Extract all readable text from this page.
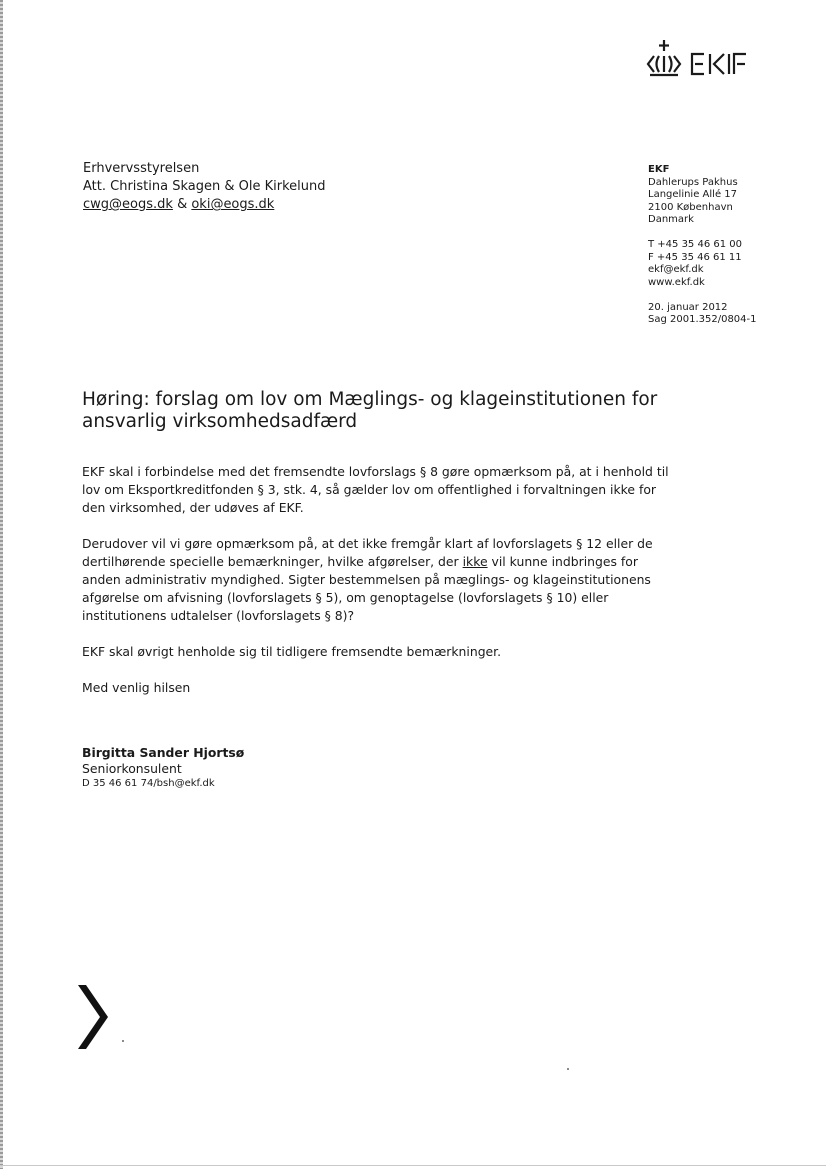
Erhvervsstyrelsen
Att. Christina Skagen & Ole Kirkelund
cwg@eogs.dk & oki@eogs.dk
EKF
Dahlerups Pakhus
Langelinie Allé 17
2100 København
Danmark

T +45 35 46 61 00
F +45 35 46 61 11
ekf@ekf.dk
www.ekf.dk

20. januar 2012
Sag 2001.352/0804-1
Høring: forslag om lov om Mæglings- og klageinstitutionen for
ansvarlig virksomhedsadfærd

EKF skal i forbindelse med det fremsendte lovforslags § 8 gøre opmærksom på, at i henhold til lov om Eksportkreditfonden § 3, stk. 4, så gælder lov om offentlighed i forvaltningen ikke for den virksomhed, der udøves af EKF.

Derudover vil vi gøre opmærksom på, at det ikke fremgår klart af lovforslagets § 12 eller de dertilhørende specielle bemærkninger, hvilke afgørelser, der ikke vil kunne indbringes for anden administrativ myndighed. Sigter bestemmelsen på mæglings- og klageinstitutionens afgørelse om afvisning (lovforslagets § 5), om genoptagelse (lovforslagets § 10) eller institutionens udtalelser (lovforslagets § 8)?

EKF skal øvrigt henholde sig til tidligere fremsendte bemærkninger.

Med venlig hilsen
Birgitta Sander Hjortsø
Seniorkonsulent
D 35 46 61 74/bsh@ekf.dk
